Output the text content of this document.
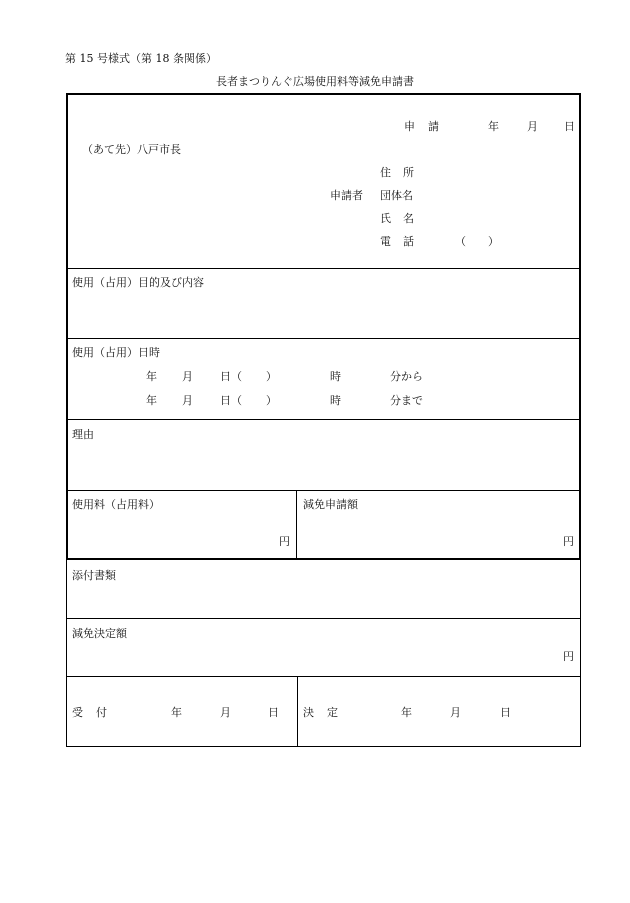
第 15 号様式（第 18 条関係）
長者まつりんぐ広場使用料等減免申請書
申 請	年	月 日
（あて先）八戸市長
住 所
申請者 団体名
氏 名
電 話	（ ）
使用（占用）目的及び内容
使用（占用）日時
年 月 日（ ）	時	分から
年 月 日（ ）	時	分まで
理由
使用料（占用料）
円
減免申請額
円
添付書類
減免決定額
円
受 付	年	月	日 決 定	年	月	日
